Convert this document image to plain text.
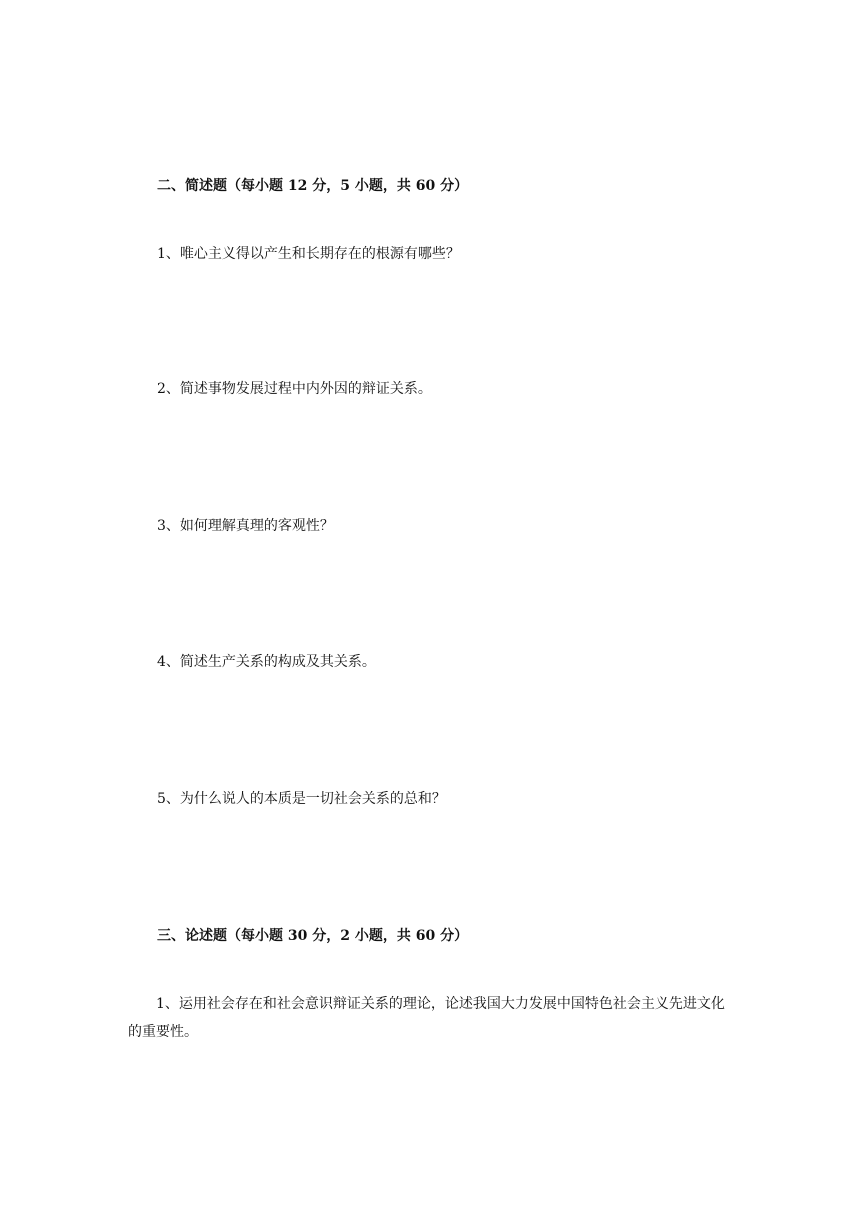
二、简述题（每小题 12 分，5 小题，共 60 分）

1、唯心主义得以产生和长期存在的根源有哪些？

2、简述事物发展过程中内外因的辩证关系。

3、如何理解真理的客观性？

4、简述生产关系的构成及其关系。

5、为什么说人的本质是一切社会关系的总和？

三、论述题（每小题 30 分，2 小题，共 60 分）

1、运用社会存在和社会意识辩证关系的理论，论述我国大力发展中国特色社会主义先进文化的重要性。
